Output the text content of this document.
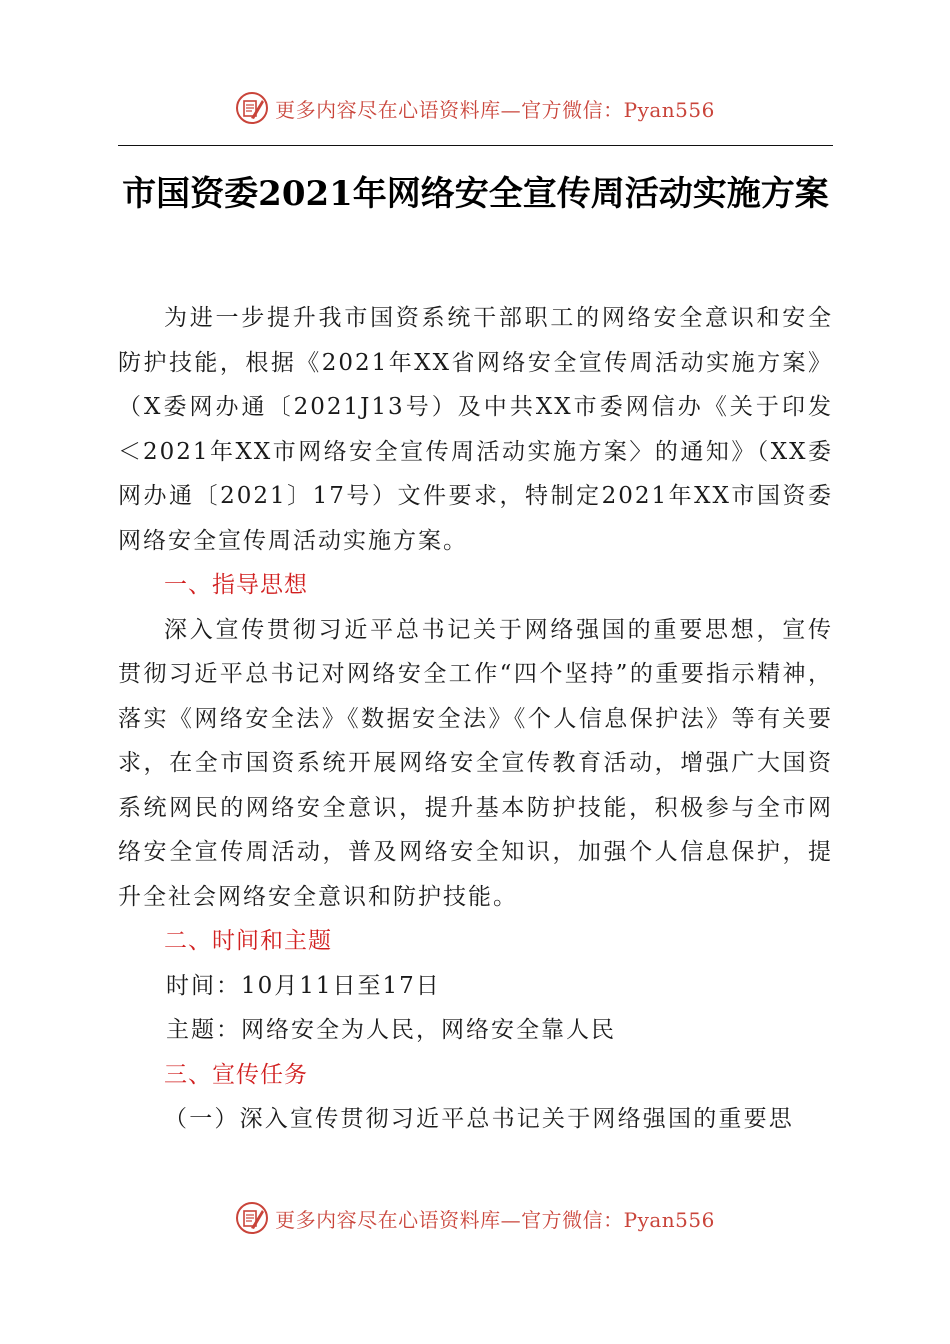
更多内容尽在心语资料库—官方微信：Pyan556
市国资委2021年网络安全宣传周活动实施方案

为进一步提升我市国资系统干部职工的网络安全意识和安全防护技能，根据《2021年XX省网络安全宣传周活动实施方案》（X委网办通〔2021J13号）及中共XX市委网信办《关于印发＜2021年XX市网络安全宣传周活动实施方案〉的通知》（XX委网办通〔2021〕17号）文件要求，特制定2021年XX市国资委网络安全宣传周活动实施方案。

一、指导思想

深入宣传贯彻习近平总书记关于网络强国的重要思想，宣传贯彻习近平总书记对网络安全工作“四个坚持”的重要指示精神，落实《网络安全法》《数据安全法》《个人信息保护法》等有关要求，在全市国资系统开展网络安全宣传教育活动，增强广大国资系统网民的网络安全意识，提升基本防护技能，积极参与全市网络安全宣传周活动，普及网络安全知识，加强个人信息保护，提升全社会网络安全意识和防护技能。

二、时间和主题

时间：10月11日至17日

主题：网络安全为人民，网络安全靠人民

三、宣传任务

（一）深入宣传贯彻习近平总书记关于网络强国的重要思

更多内容尽在心语资料库—官方微信：Pyan556
